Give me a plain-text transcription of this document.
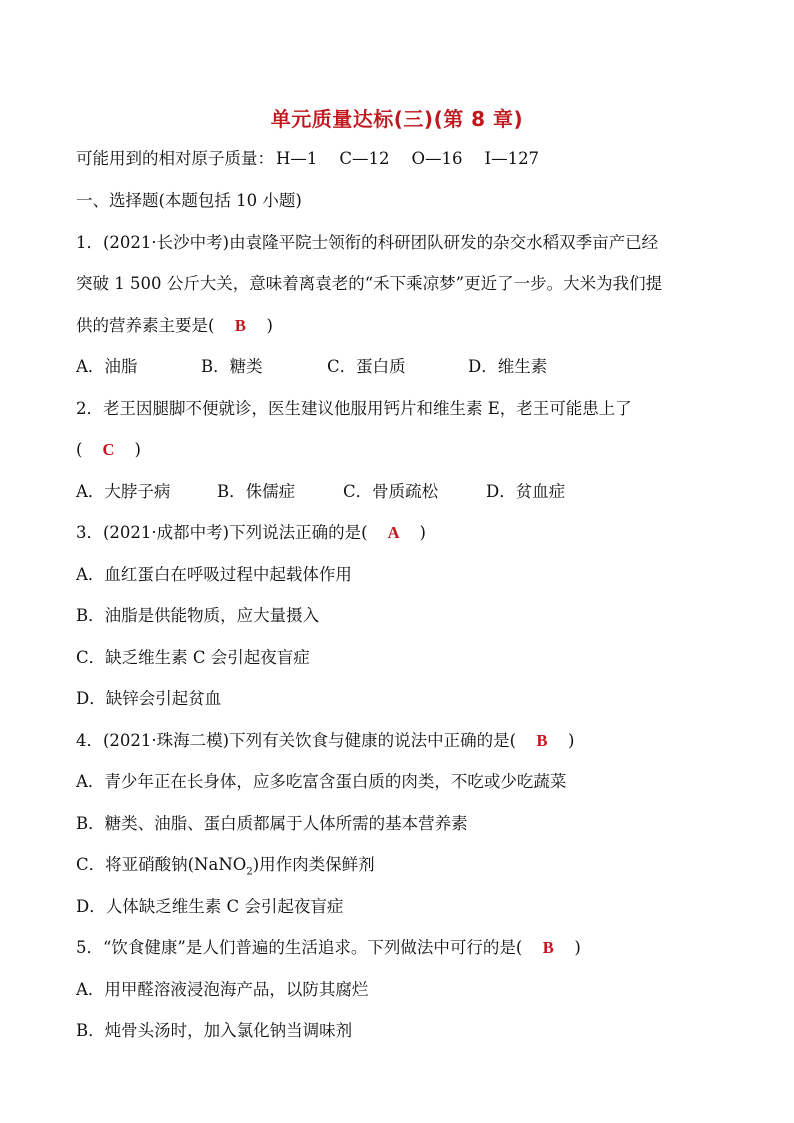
单元质量达标(三)(第 8 章)
可能用到的相对原子质量： H—1 C—12 O—16 I—127
一、选择题(本题包括 10 小题)
1．(2021·长沙中考)由袁隆平院士领衔的科研团队研发的杂交水稻双季亩产已经
突破 1 500 公斤大关，意味着离袁老的“禾下乘凉梦”更近了一步。大米为我们提
供的营养素主要是( B )
A．油脂	B．糖类	C．蛋白质	D．维生素
2．老王因腿脚不便就诊，医生建议他服用钙片和维生素 E，老王可能患上了
( C )
A．大脖子病	B．侏儒症	C．骨质疏松	D．贫血症
3．(2021·成都中考)下列说法正确的是( A )
A．血红蛋白在呼吸过程中起载体作用
B．油脂是供能物质，应大量摄入
C．缺乏维生素 C 会引起夜盲症
D．缺锌会引起贫血
4．(2021·珠海二模)下列有关饮食与健康的说法中正确的是( B )
A．青少年正在长身体，应多吃富含蛋白质的肉类，不吃或少吃蔬菜
B．糖类、油脂、蛋白质都属于人体所需的基本营养素
C．将亚硝酸钠(NaNO$_2$)用作肉类保鲜剂
D．人体缺乏维生素 C 会引起夜盲症
5．“饮食健康”是人们普遍的生活追求。下列做法中可行的是( B )
A．用甲醛溶液浸泡海产品，以防其腐烂
B．炖骨头汤时，加入氯化钠当调味剂
